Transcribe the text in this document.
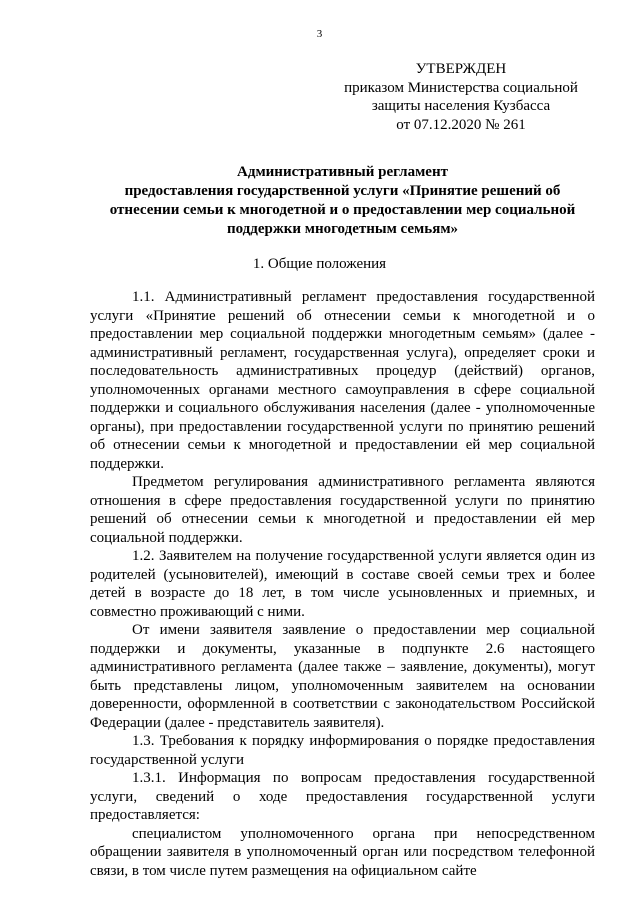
3
УТВЕРЖДЕН
приказом Министерства социальной
защиты населения Кузбасса
от 07.12.2020 № 261
Административный регламент
предоставления государственной услуги «Принятие решений об
отнесении семьи к многодетной и о предоставлении мер социальной
поддержки многодетным семьям»
1. Общие положения

1.1. Административный регламент предоставления государственной услуги «Принятие решений об отнесении семьи к многодетной и о предоставлении мер социальной поддержки многодетным семьям» (далее - административный регламент, государственная услуга), определяет сроки и последовательность административных процедур (действий) органов, уполномоченных органами местного самоуправления в сфере социальной поддержки и социального обслуживания населения (далее - уполномоченные органы), при предоставлении государственной услуги по принятию решений об отнесении семьи к многодетной и предоставлении ей мер социальной поддержки.

Предметом регулирования административного регламента являются отношения в сфере предоставления государственной услуги по принятию решений об отнесении семьи к многодетной и предоставлении ей мер социальной поддержки.

1.2. Заявителем на получение государственной услуги является один из родителей (усыновителей), имеющий в составе своей семьи трех и более детей в возрасте до 18 лет, в том числе усыновленных и приемных, и совместно проживающий с ними.

От имени заявителя заявление о предоставлении мер социальной поддержки и документы, указанные в подпункте 2.6 настоящего административного регламента (далее также – заявление, документы), могут быть представлены лицом, уполномоченным заявителем на основании доверенности, оформленной в соответствии с законодательством Российской Федерации (далее - представитель заявителя).

1.3. Требования к порядку информирования о порядке предоставления государственной услуги

1.3.1. Информация по вопросам предоставления государственной услуги, сведений о ходе предоставления государственной услуги предоставляется:

специалистом уполномоченного органа при непосредственном обращении заявителя в уполномоченный орган или посредством телефонной связи, в том числе путем размещения на официальном сайте
